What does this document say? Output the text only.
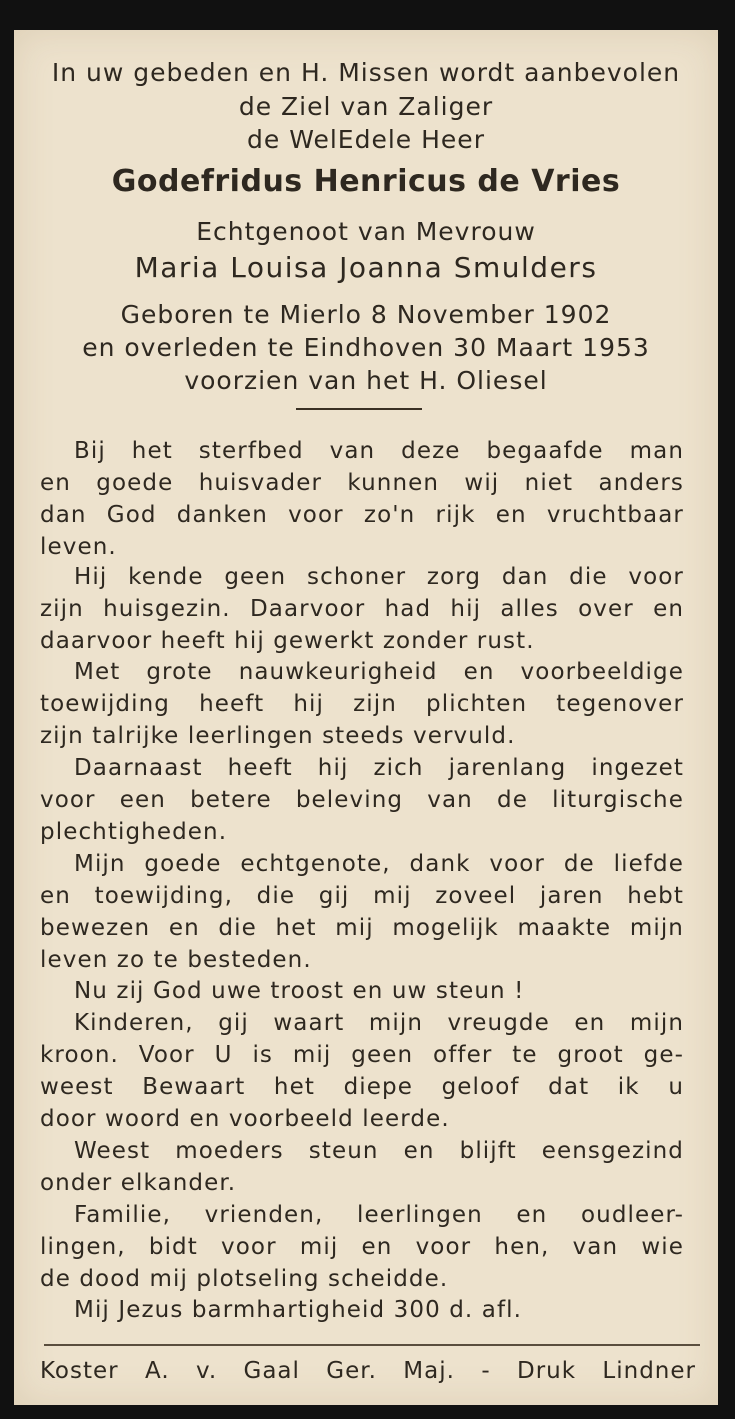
In uw gebeden en H. Missen wordt aanbevolen
de Ziel van Zaliger
de WelEdele Heer
Godefridus Henricus de Vries
Echtgenoot van Mevrouw
Maria Louisa Joanna Smulders
Geboren te Mierlo 8 November 1902
en overleden te Eindhoven 30 Maart 1953
voorzien van het H. Oliesel
Bij het sterfbed van deze begaafde man
en goede huisvader kunnen wij niet anders
dan God danken voor zo'n rijk en vruchtbaar
leven.
Hij kende geen schoner zorg dan die voor
zijn huisgezin. Daarvoor had hij alles over en
daarvoor heeft hij gewerkt zonder rust.
Met grote nauwkeurigheid en voorbeeldige
toewijding heeft hij zijn plichten tegenover
zijn talrijke leerlingen steeds vervuld.
Daarnaast heeft hij zich jarenlang ingezet
voor een betere beleving van de liturgische
plechtigheden.
Mijn goede echtgenote, dank voor de liefde
en toewijding, die gij mij zoveel jaren hebt
bewezen en die het mij mogelijk maakte mijn
leven zo te besteden.
Nu zij God uwe troost en uw steun !
Kinderen, gij waart mijn vreugde en mijn
kroon. Voor U is mij geen offer te groot ge-
weest Bewaart het diepe geloof dat ik u
door woord en voorbeeld leerde.
Weest moeders steun en blijft eensgezind
onder elkander.
Familie, vrienden, leerlingen en oudleer-
lingen, bidt voor mij en voor hen, van wie
de dood mij plotseling scheidde.
Mij Jezus barmhartigheid 300 d. afl.
Koster A. v. Gaal Ger. Maj. - Druk Lindner
